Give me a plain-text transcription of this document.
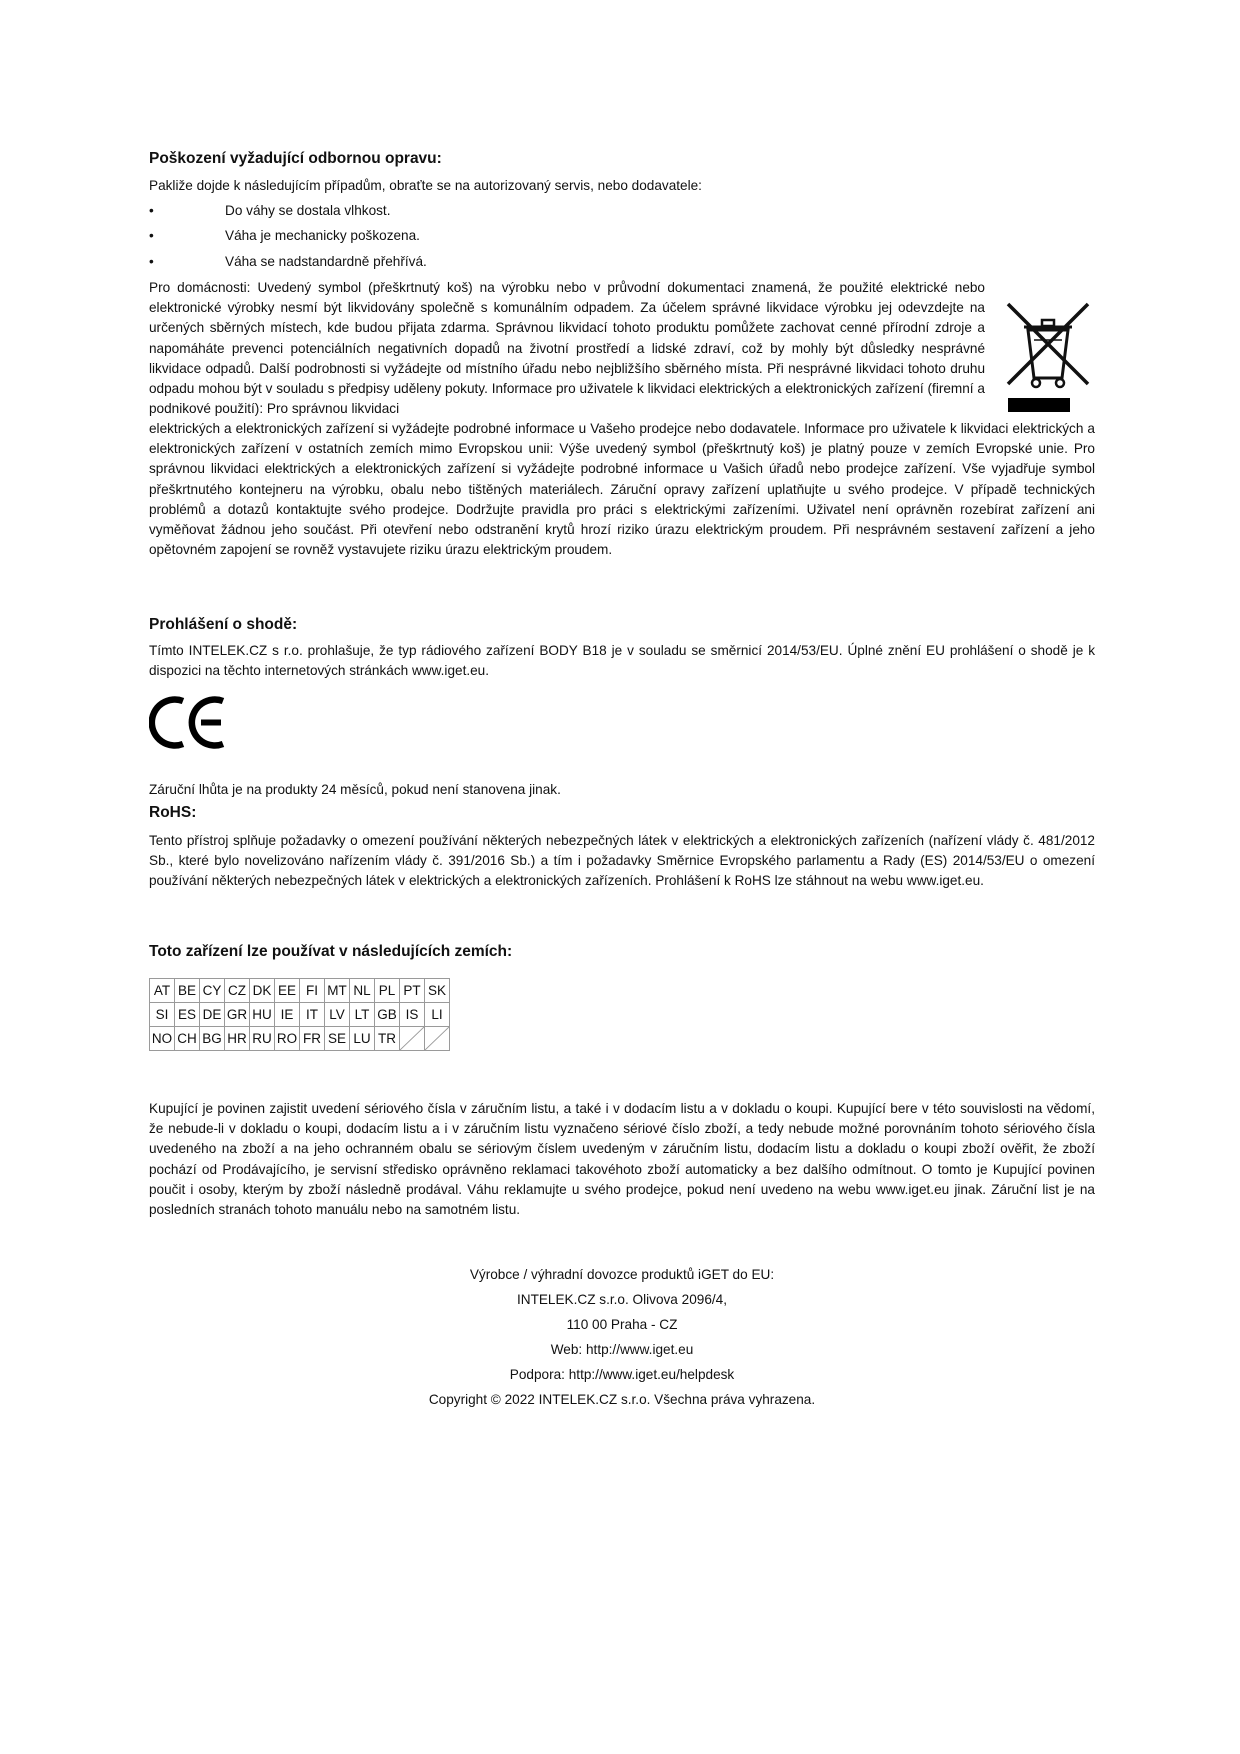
Poškození vyžadující odbornou opravu:

Pakliže dojde k následujícím případům, obraťte se na autorizovaný servis, nebo dodavatele:

•	Do váhy se dostala vlhkost.
•	Váha je mechanicky poškozena.
•	Váha se nadstandardně přehřívá.

Pro domácnosti: Uvedený symbol (přeškrtnutý koš) na výrobku nebo v průvodní dokumentaci znamená, že použité elektrické nebo elektronické výrobky nesmí být likvidovány společně s komunálním odpadem. Za účelem správné likvidace výrobku jej odevzdejte na určených sběrných místech, kde budou přijata zdarma. Správnou likvidací tohoto produktu pomůžete zachovat cenné přírodní zdroje a napomáháte prevenci potenciálních negativních dopadů na životní prostředí a lidské zdraví, což by mohly být důsledky nesprávné likvidace odpadů. Další podrobnosti si vyžádejte od místního úřadu nebo nejbližšího sběrného místa. Při nesprávné likvidaci tohoto druhu odpadu mohou být v souladu s předpisy uděleny pokuty. Informace pro uživatele k likvidaci elektrických a elektronických zařízení (firemní a podnikové použití): Pro správnou likvidaci

elektrických a elektronických zařízení si vyžádejte podrobné informace u Vašeho prodejce nebo dodavatele. Informace pro uživatele k likvidaci elektrických a elektronických zařízení v ostatních zemích mimo Evropskou unii: Výše uvedený symbol (přeškrtnutý koš) je platný pouze v zemích Evropské unie. Pro správnou likvidaci elektrických a elektronických zařízení si vyžádejte podrobné informace u Vašich úřadů nebo prodejce zařízení. Vše vyjadřuje symbol přeškrtnutého kontejneru na výrobku, obalu nebo tištěných materiálech. Záruční opravy zařízení uplatňujte u svého prodejce. V případě technických problémů a dotazů kontaktujte svého prodejce. Dodržujte pravidla pro práci s elektrickými zařízeními. Uživatel není oprávněn rozebírat zařízení ani vyměňovat žádnou jeho součást. Při otevření nebo odstranění krytů hrozí riziko úrazu elektrickým proudem. Při nesprávném sestavení zařízení a jeho opětovném zapojení se rovněž vystavujete riziku úrazu elektrickým proudem.

Prohlášení o shodě:

Tímto INTELEK.CZ s r.o. prohlašuje, že typ rádiového zařízení BODY B18 je v souladu se směrnicí 2014/53/EU. Úplné znění EU prohlášení o shodě je k dispozici na těchto internetových stránkách www.iget.eu.

Záruční lhůta je na produkty 24 měsíců, pokud není stanovena jinak.

RoHS:

Tento přístroj splňuje požadavky o omezení používání některých nebezpečných látek v elektrických a elektronických zařízeních (nařízení vlády č. 481/2012 Sb., které bylo novelizováno nařízením vlády č. 391/2016 Sb.) a tím i požadavky Směrnice Evropského parlamentu a Rady (ES) 2014/53/EU o omezení používání některých nebezpečných látek v elektrických a elektronických zařízeních. Prohlášení k RoHS lze stáhnout na webu www.iget.eu.

Toto zařízení lze používat v následujících zemích:
AT	BE	CY	CZ	DK	EE	FI	MT	NL	PL	PT	SK
SI	ES	DE	GR	HU	IE	IT	LV	LT	GB	IS	LI
NO	CH	BG	HR	RU	RO	FR	SE	LU	TR	

Kupující je povinen zajistit uvedení sériového čísla v záručním listu, a také i v dodacím listu a v dokladu o koupi. Kupující bere v této souvislosti na vědomí, že nebude-li v dokladu o koupi, dodacím listu a i v záručním listu vyznačeno sériové číslo zboží, a tedy nebude možné porovnáním tohoto sériového čísla uvedeného na zboží a na jeho ochranném obalu se sériovým číslem uvedeným v záručním listu, dodacím listu a dokladu o koupi zboží ověřit, že zboží pochází od Prodávajícího, je servisní středisko oprávněno reklamaci takovéhoto zboží automaticky a bez dalšího odmítnout. O tomto je Kupující povinen poučit i osoby, kterým by zboží následně prodával. Váhu reklamujte u svého prodejce, pokud není uvedeno na webu www.iget.eu jinak. Záruční list je na posledních stranách tohoto manuálu nebo na samotném listu.

Výrobce / výhradní dovozce produktů iGET do EU:
INTELEK.CZ s.r.o. Olivova 2096/4,
110 00 Praha - CZ
Web: http://www.iget.eu
Podpora: http://www.iget.eu/helpdesk
Copyright © 2022 INTELEK.CZ s.r.o. Všechna práva vyhrazena.
